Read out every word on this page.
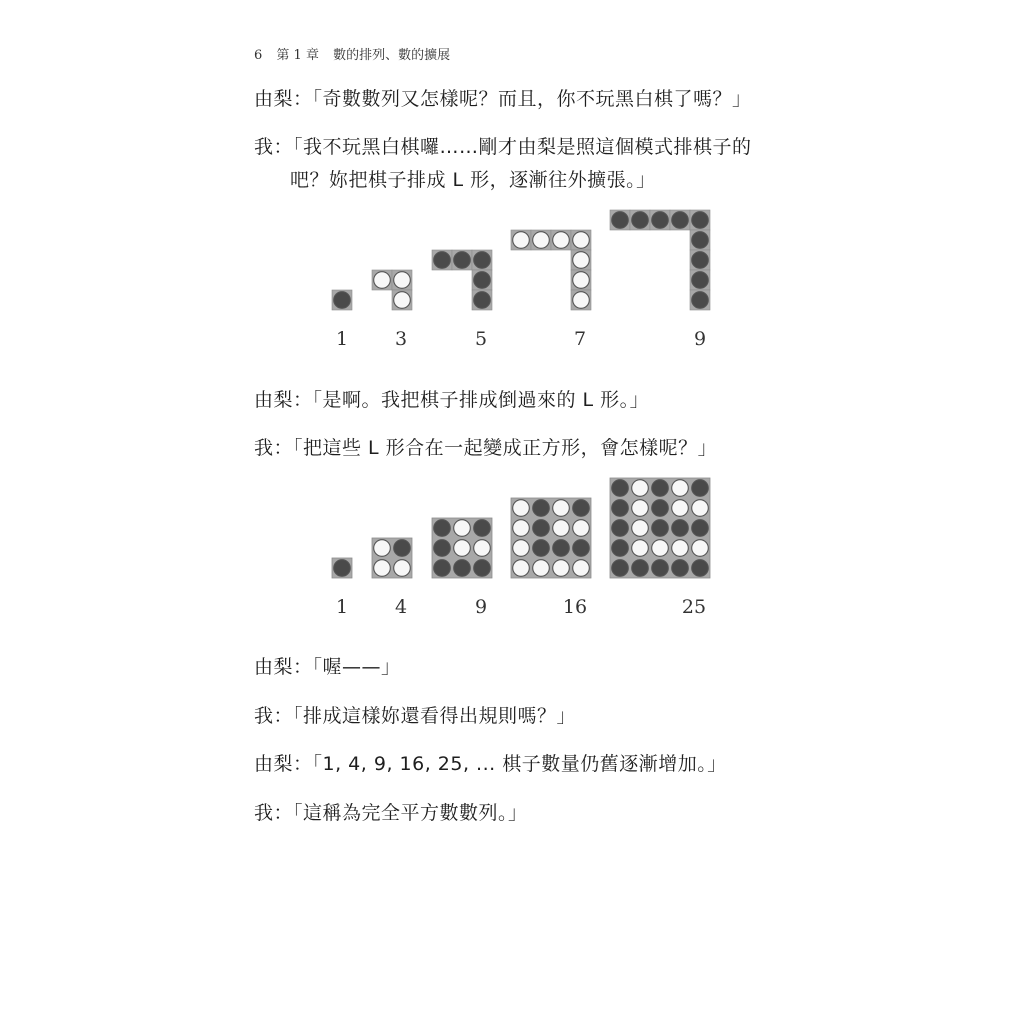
6 第 1 章 數的排列、數的擴展
由梨：「奇數數列又怎樣呢？而且，你不玩黑白棋了嗎？」
我：「我不玩黑白棋囉……剛才由梨是照這個模式排棋子的
吧？妳把棋子排成 L 形，逐漸往外擴張。」
1 3	5	7	9
由梨：「是啊。我把棋子排成倒過來的 L 形。」
我：「把這些 L 形合在一起變成正方形，會怎樣呢？」
1 4	9	16	25
由梨：「喔——」
我：「排成這樣妳還看得出規則嗎？」
由梨：「1, 4, 9, 16, 25, ... 棋子數量仍舊逐漸增加。」
我：「這稱為完全平方數數列。」
